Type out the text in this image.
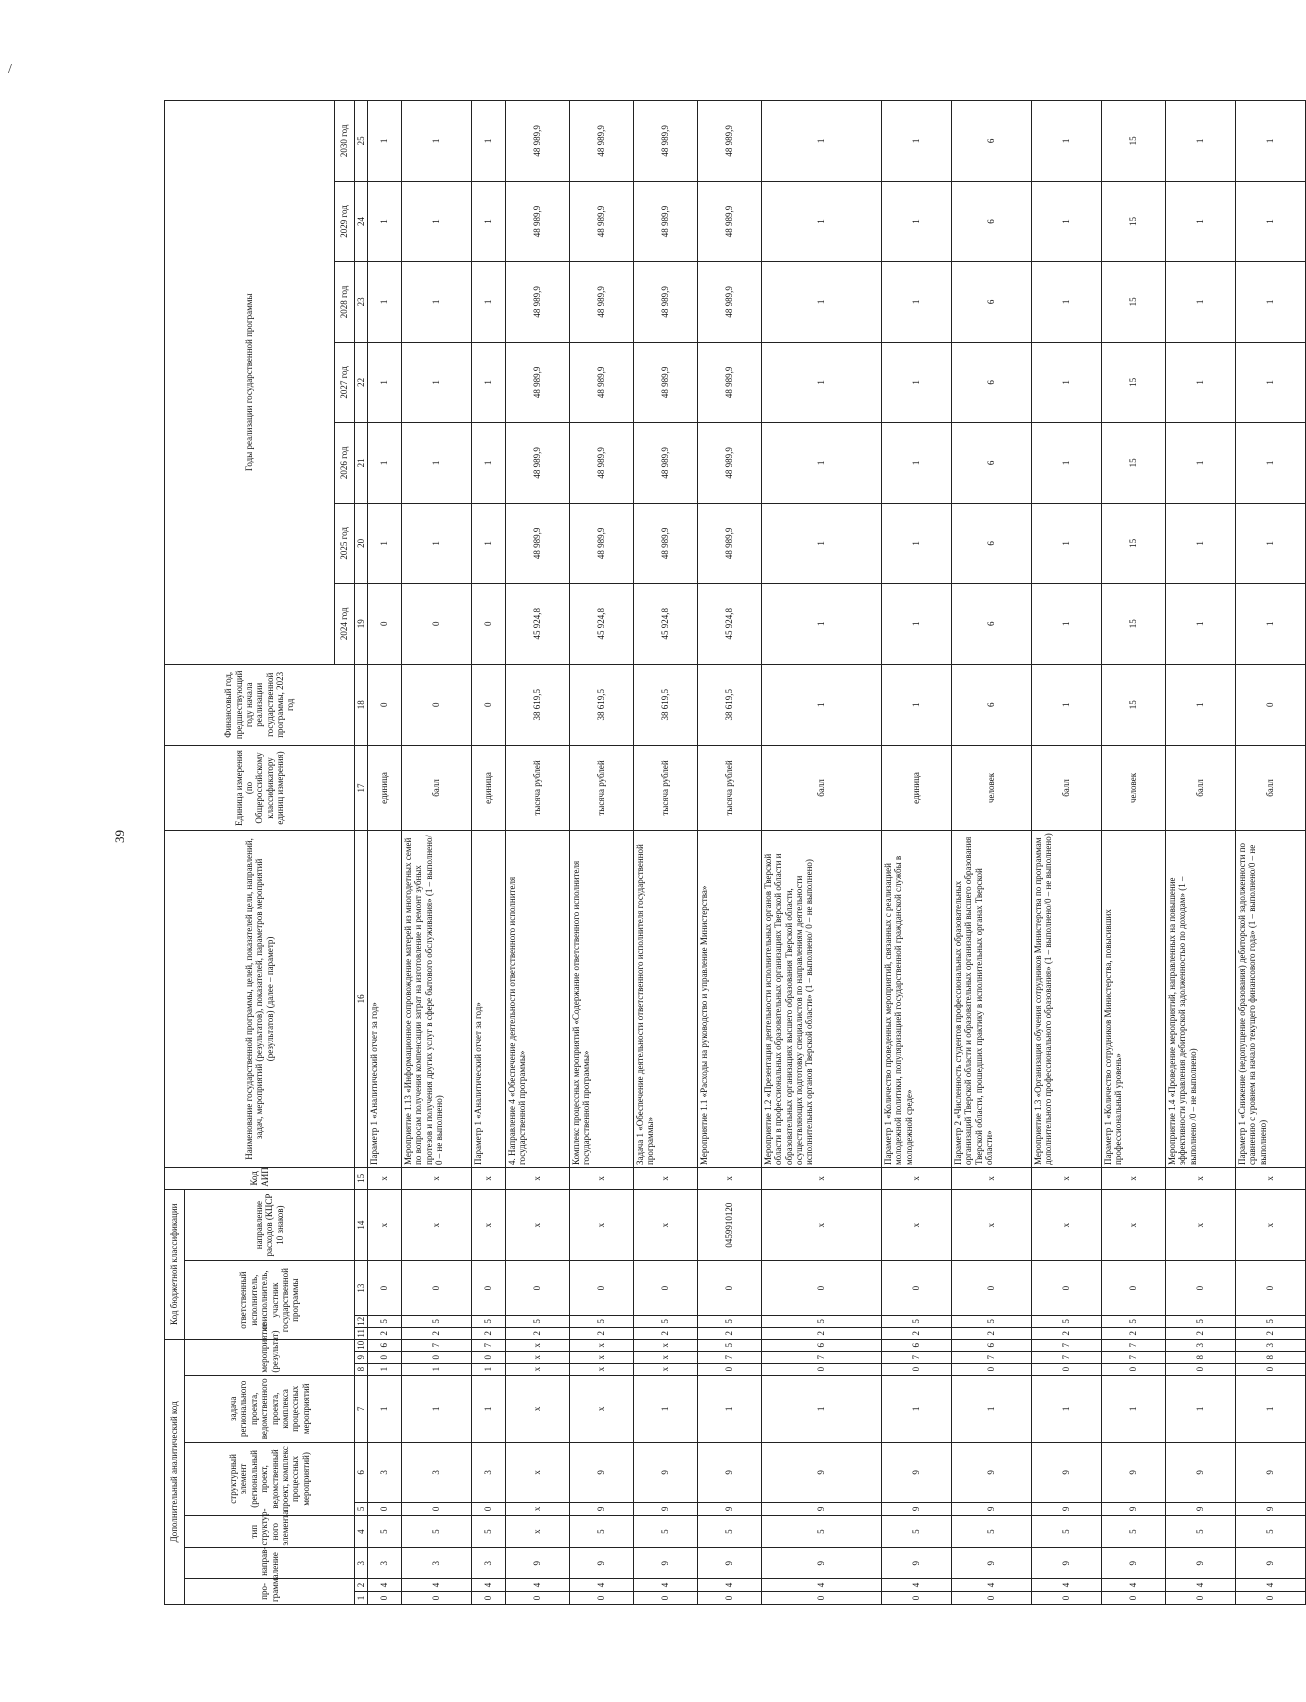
/
39
Дополнительный аналитический код										Код бюджетной классификации				Код АИП	Наименование государственной программы, целей, показателей цели, направлений, задач, мероприятий (результатов), показателей, параметров мероприятий (результатов) (далее – параметр)	Единица измерения (по Общероссийскому классификатору единиц измерения)	Финансовый год, предшествующий году начала реализации государственной программы, 2023 год	Годы реализации государственной программы						
про-грамма		направ-ление	тип структур-ного элемента	структурный элемент (региональный проект, ведомственный проект, комплекс процессных мероприятий)		задача регионального проекта, ведомственного проекта, комплекса процессных мероприятий	мероприятие (результат)			ответственный исполнитель, соисполнитель, участник государственной программы			направление расходов (КЦСР 10 знаков)											
																		2024 год	2025 год	2026 год	2027 год	2028 год	2029 год	2030 год
1	2	3	4	5	6	7	8	9	10	11	12	13	14	15	16	17	18	19	20	21	22	23	24	25
0	4	3	5	0	3	1	1	0	6	2	5	0	x	x	Параметр 1 «Аналитический отчет за год»	единица	0	0	1	1	1	1	1	1
0	4	3	5	0	3	1	1	0	7	2	5	0	x	x	Мероприятие 1.13 «Информационное сопровождение матерей из многодетных семей по вопросам получения компенсации затрат на изготовление и ремонт зубных протезов и получения других услуг в сфере бытового обслуживания» (1 – выполнено/ 0 – не выполнено)	балл	0	0	1	1	1	1	1	1
0	4	3	5	0	3	1	1	0	7	2	5	0	x	x	Параметр 1 «Аналитический отчет за год»	единица	0	0	1	1	1	1	1	1
0	4	9	x	x	x	x	x	x	x	2	5	0	x	x	4. Направление 4 «Обеспечение деятельности ответственного исполнителя государственной программы»	тысяча рублей	38 619,5	45 924,8	48 989,9	48 989,9	48 989,9	48 989,9	48 989,9	48 989,9
0	4	9	5	9	9	x	x	x	x	2	5	0	x	x	Комплекс процессных мероприятий «Содержание ответственного исполнителя государственной программы»	тысяча рублей	38 619,5	45 924,8	48 989,9	48 989,9	48 989,9	48 989,9	48 989,9	48 989,9
0	4	9	5	9	9	1	x	x	x	2	5	0	x	x	Задача 1 «Обеспечение деятельности ответственного исполнителя государственной программы»	тысяча рублей	38 619,5	45 924,8	48 989,9	48 989,9	48 989,9	48 989,9	48 989,9	48 989,9
0	4	9	5	9	9	1	0	7	5	2	5	0	0459910120	x	Мероприятие 1.1 «Расходы на руководство и управление Министерства»	тысяча рублей	38 619,5	45 924,8	48 989,9	48 989,9	48 989,9	48 989,9	48 989,9	48 989,9
0	4	9	5	9	9	1	0	7	6	2	5	0	x	x	Мероприятие 1.2 «Презентация деятельности исполнительных органов Тверской области в профессиональных образовательных организациях Тверской области и образовательных организациях высшего образования Тверской области, осуществляющих подготовку специалистов по направлениям деятельности исполнительных органов Тверской области» (1 – выполнено/ 0 – не выполнено)	балл	1	1	1	1	1	1	1	1
0	4	9	5	9	9	1	0	7	6	2	5	0	x	x	Параметр 1 «Количество проведенных мероприятий, связанных с реализацией молодежной политики, популяризацией государственной гражданской службы в молодежной среде»	единица	1	1	1	1	1	1	1	1
0	4	9	5	9	9	1	0	7	6	2	5	0	x	x	Параметр 2 «Численность студентов профессиональных образовательных организаций Тверской области и образовательных организаций высшего образования Тверской области, прошедших практику в исполнительных органах Тверской области»	человек	6	6	6	6	6	6	6	6
0	4	9	5	9	9	1	0	7	7	2	5	0	x	x	Мероприятие 1.3 «Организация обучения сотрудников Министерства по программам дополнительного профессионального образования» (1 – выполнено/0 – не выполнено)	балл	1	1	1	1	1	1	1	1
0	4	9	5	9	9	1	0	7	7	2	5	0	x	x	Параметр 1 «Количество сотрудников Министерства, повысивших профессиональный уровень»	человек	15	15	15	15	15	15	15	15
0	4	9	5	9	9	1	0	8	3	2	5	0	x	x	Мероприятие 1.4 «Проведение мероприятий, направленных на повышение эффективности управления дебиторской задолженностью по доходам» (1 – выполнено /0 – не выполнено)	балл	1	1	1	1	1	1	1	1
0	4	9	5	9	9	1	0	8	3	2	5	0	x	x	Параметр 1 «Снижение (недопущение образования) дебиторской задолженности по сравнению с уровнем на начало текущего финансового года» (1 – выполнено/0 – не выполнено)	балл	0	1	1	1	1	1	1	1
